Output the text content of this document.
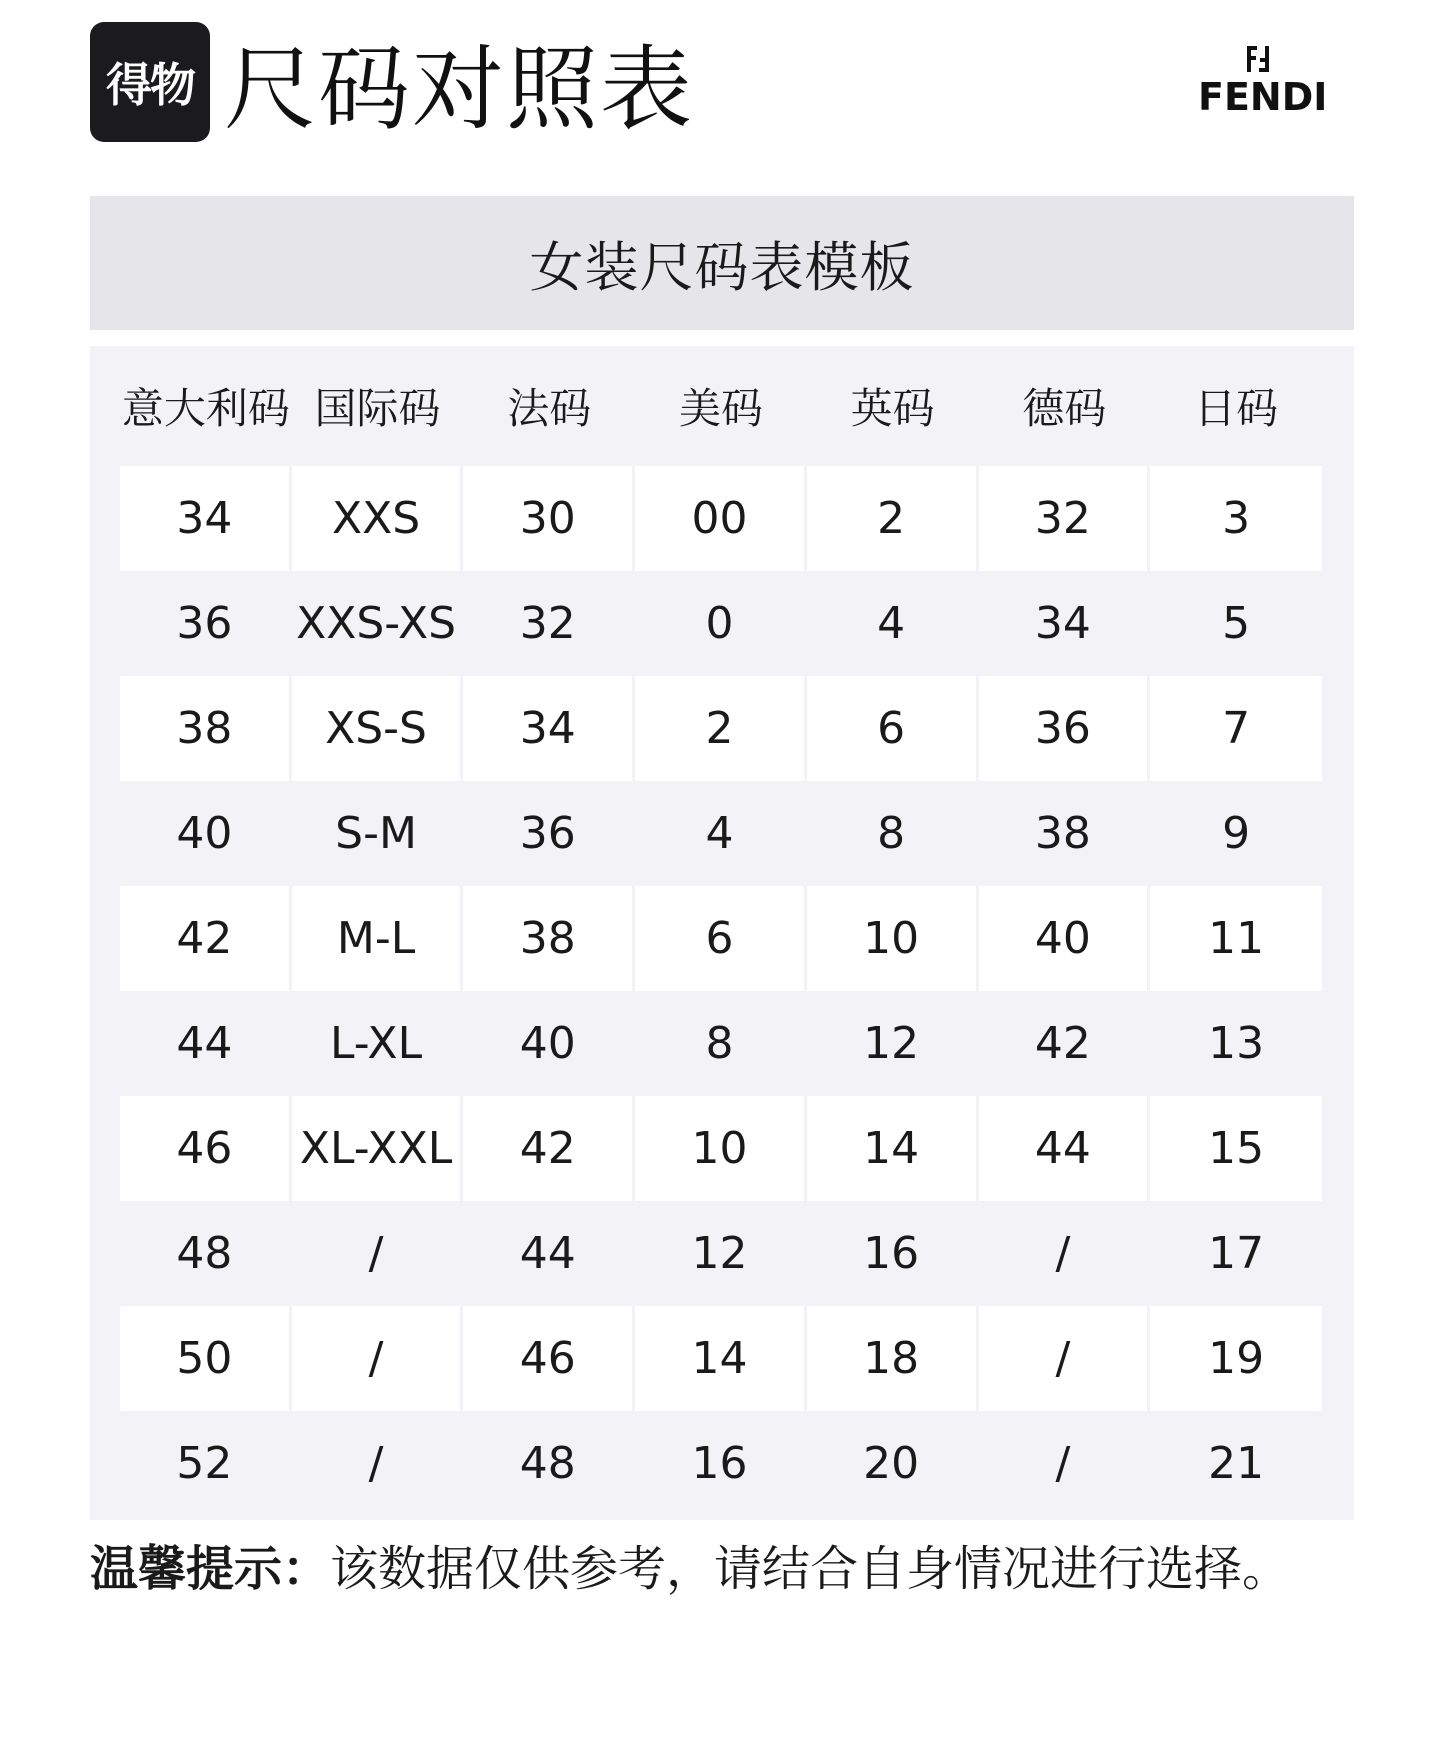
得物 尺码对照表	FENDI
女装尺码表模板
意大利码	国际码	法码	美码	英码	德码	日码
34	XXS	30	00	2	32	3
36	XXS-XS	32	0	4	34	5
38	XS-S	34	2	6	36	7
40	S-M	36	4	8	38	9
42	M-L	38	6	10	40	11
44	L-XL	40	8	12	42	13
46	XL-XXL	42	10	14	44	15
48	/	44	12	16	/	17
50	/	46	14	18	/	19
52	/	48	16	20	/	21
温馨提示：该数据仅供参考，请结合自身情况进行选择。
